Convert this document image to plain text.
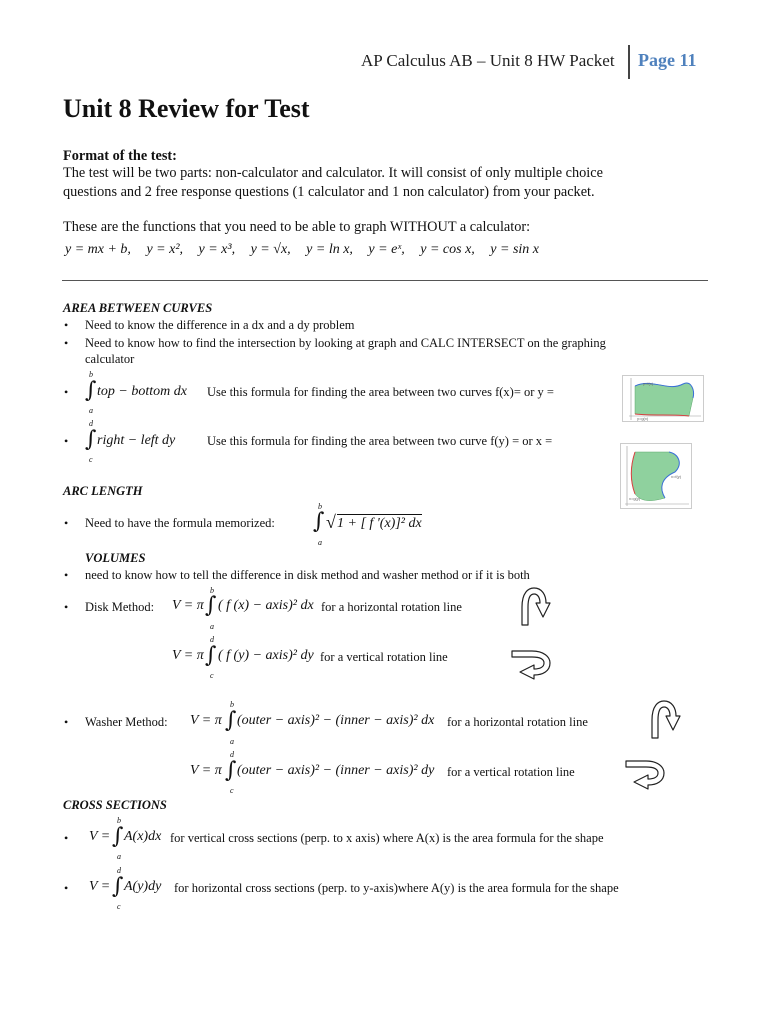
AP Calculus AB – Unit 8 HW Packet Page 11
Unit 8 Review for Test
Format of the test:
The test will be two parts: non-calculator and calculator. It will consist of only multiple choice
questions and 2 free response questions (1 calculator and 1 non calculator) from your packet.
These are the functions that you need to be able to graph WITHOUT a calculator:
y = mx + b, y = x², y = x³, y = √x, y = ln x, y = eˣ, y = cos x, y = sin x
AREA BETWEEN CURVES
• Need to know the difference in a dx and a dy problem
• Need to know how to find the intersection by looking at graph and CALC INTERSECT on the graphing
calculator
•
b
∫
a
top − bottom dx Use this formula for finding the area between two curves f(x)= or y =
y=f(x)
y=g(x)
•
d
∫
c
right − left dy	Use this formula for finding the area between two curve f(y) = or x =
x=f(y)
x=g(y)
ARC LENGTH
• Need to have the formula memorized:
b
∫
a
√ 1 + [ f '(x)]² dx
VOLUMES
• need to know how to tell the difference in disk method and washer method or if it is both
• Disk Method: V = π
b
∫
a
( f (x) − axis)² dx for a horizontal rotation line
V = π
d
∫
c
( f (y) − axis)² dy for a vertical rotation line
• Washer Method: V = π
b
∫
a
(outer − axis)² − (inner − axis)² dx for a horizontal rotation line
V = π
d
∫
c
(outer − axis)² − (inner − axis)² dy for a vertical rotation line
CROSS SECTIONS
• V =
b
∫
a
A(x)dx for vertical cross sections (perp. to x axis) where A(x) is the area formula for the shape
• V =
d
∫
c
A(y)dy for horizontal cross sections (perp. to y-axis)where A(y) is the area formula for the shape
